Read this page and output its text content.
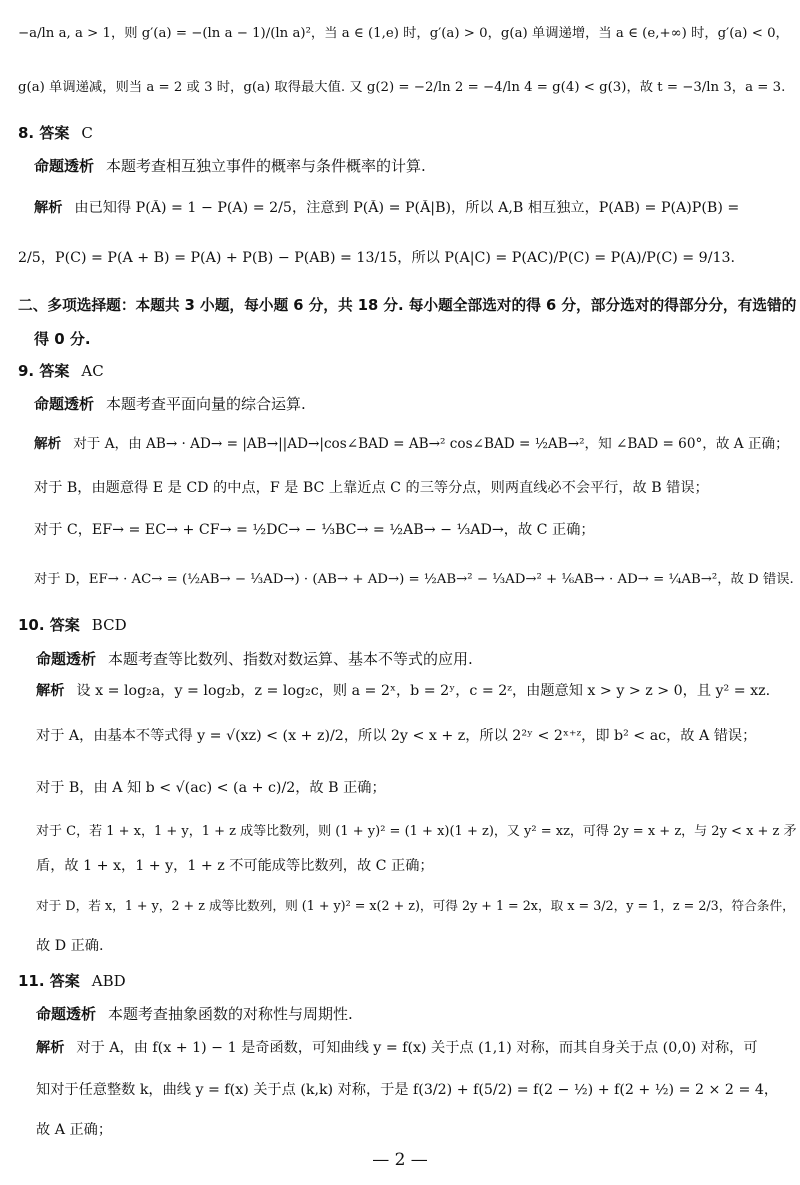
−a/ln a, a > 1，则 g′(a) = −(ln a − 1)/(ln a)²，当 a ∈ (1,e) 时，g′(a) > 0，g(a) 单调递增，当 a ∈ (e,+∞) 时，g′(a) < 0，
g(a) 单调递减，则当 a = 2 或 3 时，g(a) 取得最大值. 又 g(2) = −2/ln 2 = −4/ln 4 = g(4) < g(3)，故 t = −3/ln 3，a = 3.
8. 答案 C
命题透析 本题考查相互独立事件的概率与条件概率的计算.
解析 由已知得 P(Ā) = 1 − P(A) = 2/5，注意到 P(Ā) = P(Ā|B)，所以 A,B 相互独立，P(AB) = P(A)P(B) =
2/5，P(C) = P(A + B) = P(A) + P(B) − P(AB) = 13/15，所以 P(A|C) = P(AC)/P(C) = P(A)/P(C) = 9/13.
二、多项选择题：本题共 3 小题，每小题 6 分，共 18 分. 每小题全部选对的得 6 分，部分选对的得部分分，有选错的
得 0 分.
9. 答案 AC
命题透析 本题考查平面向量的综合运算.
解析 对于 A，由 AB→ · AD→ = |AB→||AD→|cos∠BAD = AB→² cos∠BAD = ½AB→²，知 ∠BAD = 60°，故 A 正确；
对于 B，由题意得 E 是 CD 的中点，F 是 BC 上靠近点 C 的三等分点，则两直线必不会平行，故 B 错误；
对于 C，EF→ = EC→ + CF→ = ½DC→ − ⅓BC→ = ½AB→ − ⅓AD→，故 C 正确；
对于 D，EF→ · AC→ = (½AB→ − ⅓AD→) · (AB→ + AD→) = ½AB→² − ⅓AD→² + ⅙AB→ · AD→ = ¼AB→²，故 D 错误.
10. 答案 BCD
命题透析 本题考查等比数列、指数对数运算、基本不等式的应用.
解析 设 x = log₂a，y = log₂b，z = log₂c，则 a = 2ˣ，b = 2ʸ，c = 2ᶻ，由题意知 x > y > z > 0，且 y² = xz.
对于 A，由基本不等式得 y = √(xz) < (x + z)/2，所以 2y < x + z，所以 2²ʸ < 2ˣ⁺ᶻ，即 b² < ac，故 A 错误；
对于 B，由 A 知 b < √(ac) < (a + c)/2，故 B 正确；
对于 C，若 1 + x，1 + y，1 + z 成等比数列，则 (1 + y)² = (1 + x)(1 + z)，又 y² = xz，可得 2y = x + z，与 2y < x + z 矛
盾，故 1 + x，1 + y，1 + z 不可能成等比数列，故 C 正确；
对于 D，若 x，1 + y，2 + z 成等比数列，则 (1 + y)² = x(2 + z)，可得 2y + 1 = 2x，取 x = 3/2，y = 1，z = 2/3，符合条件，
故 D 正确.
11. 答案 ABD
命题透析 本题考查抽象函数的对称性与周期性.
解析 对于 A，由 f(x + 1) − 1 是奇函数，可知曲线 y = f(x) 关于点 (1,1) 对称，而其自身关于点 (0,0) 对称，可
知对于任意整数 k，曲线 y = f(x) 关于点 (k,k) 对称，于是 f(3/2) + f(5/2) = f(2 − ½) + f(2 + ½) = 2 × 2 = 4，
故 A 正确；
— 2 —
